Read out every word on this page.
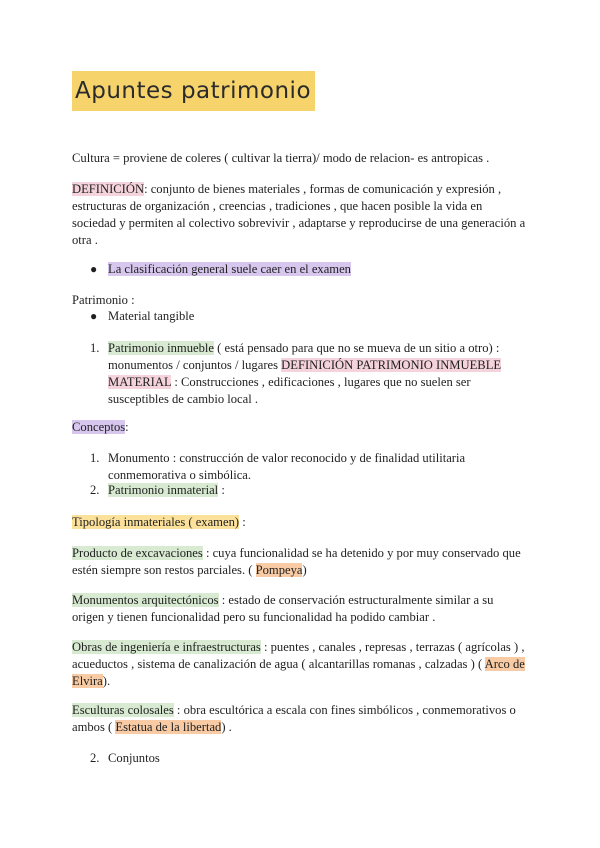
Apuntes patrimonio
Cultura = proviene de coleres ( cultivar la tierra)/ modo de relacion- es antropicas .
DEFINICIÓN: conjunto de bienes materiales , formas de comunicación y expresión , estructuras de organización , creencias , tradiciones , que hacen posible la vida en sociedad y permiten al colectivo sobrevivir , adaptarse y reproducirse de una generación a otra .
● La clasificación general suele caer en el examen
Patrimonio :
● Material tangible
1. Patrimonio inmueble ( está pensado para que no se mueva de un sitio a otro) : monumentos / conjuntos / lugares DEFINICIÓN PATRIMONIO INMUEBLE MATERIAL : Construcciones , edificaciones , lugares que no suelen ser susceptibles de cambio local .
Conceptos:
1. Monumento : construcción de valor reconocido y de finalidad utilitaria conmemorativa o simbólica.
2. Patrimonio inmaterial :
Tipología inmateriales ( examen) :
Producto de excavaciones : cuya funcionalidad se ha detenido y por muy conservado que estén siempre son restos parciales. ( Pompeya)
Monumentos arquitectónicos : estado de conservación estructuralmente similar a su origen y tienen funcionalidad pero su funcionalidad ha podido cambiar .
Obras de ingeniería e infraestructuras : puentes , canales , represas , terrazas ( agrícolas ) , acueductos , sistema de canalización de agua ( alcantarillas romanas , calzadas ) ( Arco de Elvira).
Esculturas colosales : obra escultórica a escala con fines simbólicos , conmemorativos o ambos ( Estatua de la libertad) .
2. Conjuntos
